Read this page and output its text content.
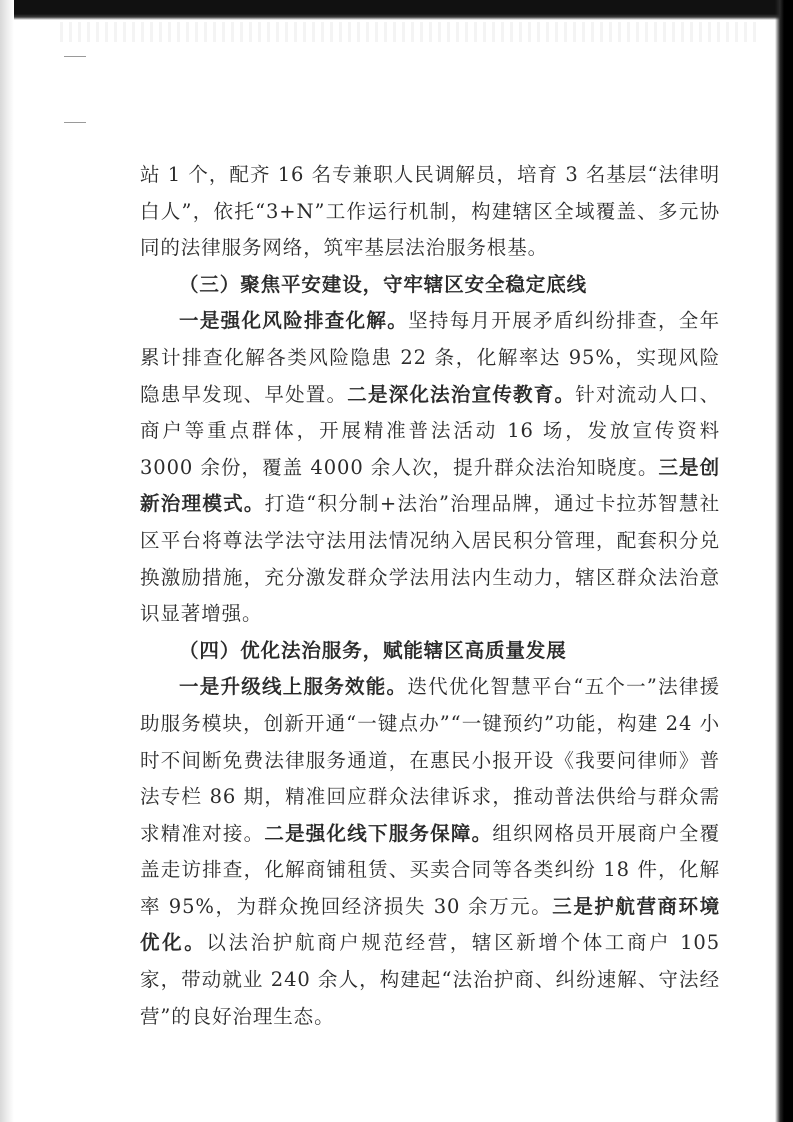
站 1 个，配齐 16 名专兼职人民调解员，培育 3 名基层“法律明白人”，依托“3+N”工作运行机制，构建辖区全域覆盖、多元协同的法律服务网络，筑牢基层法治服务根基。

（三）聚焦平安建设，守牢辖区安全稳定底线

一是强化风险排查化解。坚持每月开展矛盾纠纷排查，全年累计排查化解各类风险隐患 22 条，化解率达 95%，实现风险隐患早发现、早处置。二是深化法治宣传教育。针对流动人口、商户等重点群体，开展精准普法活动 16 场，发放宣传资料 3000 余份，覆盖 4000 余人次，提升群众法治知晓度。三是创新治理模式。打造“积分制+法治”治理品牌，通过卡拉苏智慧社区平台将尊法学法守法用法情况纳入居民积分管理，配套积分兑换激励措施，充分激发群众学法用法内生动力，辖区群众法治意识显著增强。

（四）优化法治服务，赋能辖区高质量发展

一是升级线上服务效能。迭代优化智慧平台“五个一”法律援助服务模块，创新开通“一键点办”“一键预约”功能，构建 24 小时不间断免费法律服务通道，在惠民小报开设《我要问律师》普法专栏 86 期，精准回应群众法律诉求，推动普法供给与群众需求精准对接。二是强化线下服务保障。组织网格员开展商户全覆盖走访排查，化解商铺租赁、买卖合同等各类纠纷 18 件，化解率 95%，为群众挽回经济损失 30 余万元。三是护航营商环境优化。以法治护航商户规范经营，辖区新增个体工商户 105 家，带动就业 240 余人，构建起“法治护商、纠纷速解、守法经营”的良好治理生态。
